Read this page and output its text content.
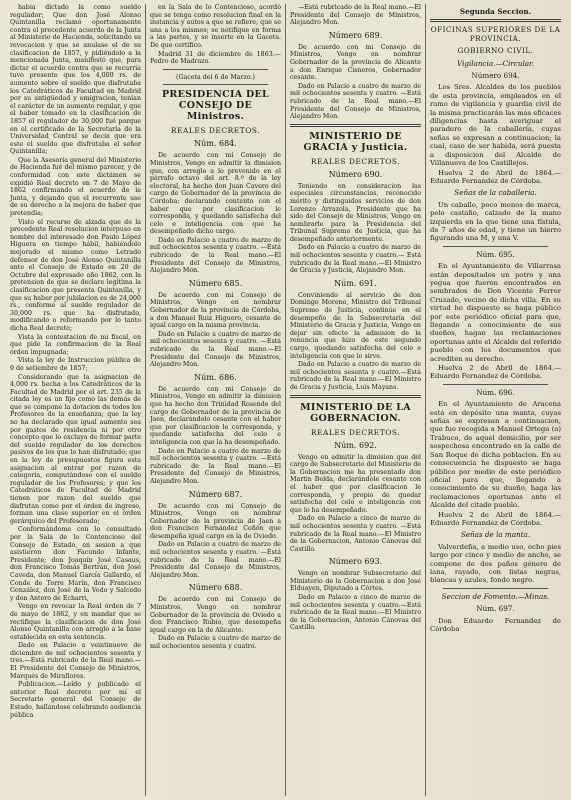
habia dictado la como sueldo regulador; Que don José Alonso Quintanilla reclamó oportunamente contra el precedente acuerdo de la Junta al Ministerio de Hacienda, solicitando su revocacion y que se anulase el de su clasificacion de 1857, y pidiéndolo a la mencionada Junta, manifestó que, para dictar el acuerdo contra que se recurria tuvo presente que los 4,000 rs. de aumento sobre el sueldo que disfrutaba los Catedráticos de Facultad en Madrid por su antigüedad y emigracion, tenian el carácter de un aumento regular, y que el haber tomado en la clasificacion de 1857 el regulador de 30,000 fué porque en el certificado de la Secretaría de la Universidad Central se decia que era este el sueldo que disfrutaba el señor Quintanilla;

Que la Asesoría general del Ministerio de Hacienda fué del mismo parecer, y de conformidad con este dictámen se expidió Real decreto en 7 de Mayo de 1862 confirmando el acuerdo de la Junta, y dejando que el recurrente use de su derecho a la mejora de haber que pretendia;

Visto el recurso de alzada que de la precedente Real resolucion interpuso en nombre del interesado don Paulo López Higuera en tiempo hábil, habiéndolo mejorado el mismo como Letrado defensor de don José Alonso Quintanilla ante el Consejo de Estado en 20 de Octubre del expresado año 1862, con la pretension de que se declare legítima la clasificacion que presenta Quintanilla, y que su haber por jubilacion es de 24,000 rs., conforme al sueldo regulador de 30,000 rs. que ha disfrutado, modificando o reformando por lo tanto dicha Real decreto;

Vista la contestacion de mi fiscal, en que pide la confirmacion de la Real órden impugnada;

Vista la ley de Instruccion pública de 9 de setiembre de 1857;

Considerando que la asignacion de 4,000 rs. hecha a los Catedráticos de la Facultad de Madrid por el art. 235 de la citada ley es un fijo como las demás de que se compone la dotacion de todos los Profesores de la enseñanza; que la ley no ha declarado que igual aumento sea por gastos de residencia ni por otro concepto que lo excluya de formar parte del sueldo regulador de los derechos pasivos de los que lo han disfrutado; que en la ley de presupuestos figura esta asignacion al entrar por razon de categoría, computándose con el sueldo regulador de los Profesores; y que los Catedráticos de Facultad de Madrid tienen por razon del sueldo que disfrutan como por el órden de ingreso, forman una clase superior en el órden gerárquico del Profesorado;

Conformándome con lo consultado por la Sala de lo Contencioso del Consejo de Estado, en sesion a que asistieron don Facundo Infante, Presidente; don Joaquín José Casaus, don Francisco Tomás Bertrán, don José Caveda, don Manuel García Gallardo, el Conde de Torre Marín, don Francisco González, don José de la Vedo y Salcedo y don Antero de Echarri,

Vengo en revocar la Real órden de 7 de mayo de 1862, y en mandar que se rectifique la clasificacion de don José Alonso Quintanilla con arreglo a la base establecida en esta sentencia.

Dado en Palacio a veintinueve de diciembre de mil ochocientos sesenta y tres.—Está rubricado de la Real mano.—El Presidente del Consejo de Ministros, Marqués de Miraflores.

Publicacion.—Leído y publicado el anterior Real decreto por mí el Secretario general del Consejo de Estado, hallándose celebrando audiencia pública

en la Sala de lo Contencioso, acordó que se tenga como resolucion final en la instancia y autos a que se refiere; que se una a los mismos; se notifique en forma a las partes, y se inserte en la Gaceta. De que certifico.

Madrid 31 de diciembre de 1863.—Pedro de Madrazo.

(Gaceta del 6 de Marzo.)

PRESIDENCIA DEL CONSEJO DE Ministros.

REALES DECRETOS.

Núm. 684.

De acuerdo con mi Consejo de Ministros, Vengo en admitir la dimision que, con arreglo a lo prevenido en el párrafo octavo del art. 8.º de la ley electoral, ha hecho don Juan Cavero del cargo de Gobernador de la provincia de Córdoba; declarando contento con el haber que por clasificacion le corresponda, y quedando satisfecha del celo e inteligencia con que ha desempeñado dicho cargo.

Dado en Palacio a cuatro de marzo de mil ochocientos sesenta y cuatro. —Está rubricado de la Real mano.—El Presidente del Consejo de Ministros, Alejandro Mon.

Número 685.

De acuerdo con mi Consejo de Ministros, Vengo en nombrar Gobernador de la provincia de Córdoba, a don Manuel Ruiz Higuero, cesante de igual cargo en la misma provincia.

Dado en Palacio a cuatro de marzo de mil ochocientos sesenta y cuatro. —Está rubricado de la Real mano.—El Presidente del Consejo de Ministros, Alejandro Mon.

Núm. 686.

De acuerdo con mi Consejo de Ministros, Vengo en admitir la dimision que ha hecho don Trinidad Rosende del cargo de Gobernador de la provincia de Jaen, declarándolo cesante con el haber que por clasificacion le corresponda, y quedando satisfecha del celo e inteligencia con que la ha desempeñado.

Dado en Palacio a cuatro de marzo de mil ochocientos sesenta y cuatro. —Está rubricado de la Real mano.—El Presidente del Consejo de Ministros, Alejandro Mon.

Número 687.

De acuerdo con mi Consejo de Ministros, Vengo en nombrar Gobernador de la provincia de Jaen a don Francisco Fernández Coñón que desempeña igual cargo en la de Oviedo.

Dado en Palacio a cuatro de marzo de mil ochocientos sesenta y cuatro. —Está rubricado de la Real mano.—El Presidente del Consejo de Ministros, Alejandro Mon.

Número 688.

De acuerdo con mi Consejo de Ministros, Vengo en nombrar Gobernador de la provincia de Oviedo a don Francisco Rubio, que desempeña igual cargo en la de Alicante.

Dado en Palacio a cuatro de marzo de mil ochocientos sesenta y cuatro.

—Está rubricado de la Real mano.—El Presidente del Consejo de Ministros, Alejandro Mon.

Número 689.

De acuerdo con mi Consejo de Ministros, Vengo en nombrar Gobernador de la provincia de Alicante a don Enrique Cisneros, Gobernador cesante.

Dado en Palacio a cuatro de marzo de mil ochocientos sesenta y cuatro. —Está rubricado de la Real mano.—El Presidente del Consejo de Ministros, Alejandro Mon.

MINISTERIO DE GRACIA y Justicia.

REALES DECRETOS.

Número 690.

Teniendo en consideracion las especiales circunstancias, reconocido mérito y distinguidos servicios de don Lorenzo Arrazola, Presidente que ha sido del Consejo de Ministros, Vengo en nombrarle para la Presidencia del Tribunal Supremo de Justicia, que ha desempeñado anteriormente.

Dado en Palacio a cuatro de marzo de mil ochocientos sesenta y cuatro.— Está rubricado de la Real mano.—El Ministro de Gracia y Justicia, Alejandro Mon.

Núm. 691.

Conviniendo al servicio de don Domingo Moreno, Ministro del Tribunal Supremo de Justicia, continúe en el desempeño de la Subsecretaría del Ministerio de Gracia y Justicia, Vengo en dejar sin efecto la admision de la renuncia que hizo de este segundo cargo, quedando satisfecha del celo e inteligencia con que lo sirve.

Dado en Palacio a cuatro de marzo de mil ochocientos sesenta y cuatro.—Está rubricado de la Real mano.—El Ministro de Gracia y Justicia, Luis Mayans.

MINISTERIO DE LA GOBERNACION.

REALES DECRETOS.

Núm. 692.

Vengo en admitir la dimision que del cargo de Subsecretario del Ministerio de la Gobernacion me ha presentado don Martin Belda, declarándole cesante con el haber que por clasificacion le corresponda, y propio de quedar satisfecha del celo e inteligencia con que lo ha desempeñado.

Dado en Palacio a cinco de marzo de mil ochocientos sesenta y cuatro. —Está rubricado de la Real mano.—El Ministro de la Gobernacion, Antonio Cánovas del Castillo.

Número 693.

Vengo en nombrar Subsecretario del Ministerio de la Gobernacion a don José Elduayen, Diputado a Córtes.

Dado en Palacio a cinco de marzo de mil ochocientos sesenta y cuatro.—Está rubricado de la Real mano.—El Ministro de la Gobernacion, Antonio Cánovas del Castillo.

Segunda Seccion.

OFICINAS SUPERIORES DE LA PROVINCIA.

GOBIERNO CIVIL.

Vigilancia.—Circular.

Número 694.

Los Sres. Alcaldes de los pueblos de esta provincia, empleados en el ramo de vigilancia y guardia civil de la misma practicarán las más eficaces diligencias hasta averiguar el paradero de la caballería, cuyas señas se expresan a continuacion; la cual, caso de ser habida, será puesta a disposicion del Alcalde de Villanueva de los Castillejos.

Huelva 2 de Abril de 1864.—Eduardo Fernandez de Córdoba.

Señas de la caballería.

Un caballo, poco menos de marca, pelo castaño, calzado de la mano izquierda en la que tiene una fístula, de 7 años de edad, y tiene un hierro figurando una M, y una V.

Núm. 695.

En el Ayuntamiento de Villarrasa están depositados un potro y una yegua que fueron encontrados en sembrados de Don Vicente Ferrer Cruzado, vecino de dicha villa. En su virtud he dispuesto se haga público por este periódico oficial para que, llegando a conocimiento de sus dueños, hagan las reclamaciones oportunas ante el Alcalde del referido pueblo con los documentos que acrediten su derecho.

Huelva 2 de Abril de 1864.—Eduardo Fernandez de Córdoba.

Núm. 696.

En el Ayuntamiento de Aracena está en depósito una manta, cuyas señas se expresan a continuacion, que fue recogida a Manuel Ortega (a) Trabuco, de aquel domicilio, por ser sospechosa encontrado en la calle de San Roque de dicha poblacion. En su consecuencia he dispuesto se haga público por medio de este periódico oficial para que, llegando a conocimiento de su dueño, haga las reclamaciones oportunas ante el Alcalde del citado pueblo.

Huelva 2 de Abril de 1864.—Eduardo Fernandez de Córdoba.

Señas de la manta.

Valverdeña, a medio uso, ocho pies largo por cinco y medio de ancho, se compone de dos paños género de lana, rayado, con listas negras, blancas y azules, fondo negro.

Seccion de Fomento.—Minas.

Núm. 697.

Don Eduardo Fernandez de Córdoba
